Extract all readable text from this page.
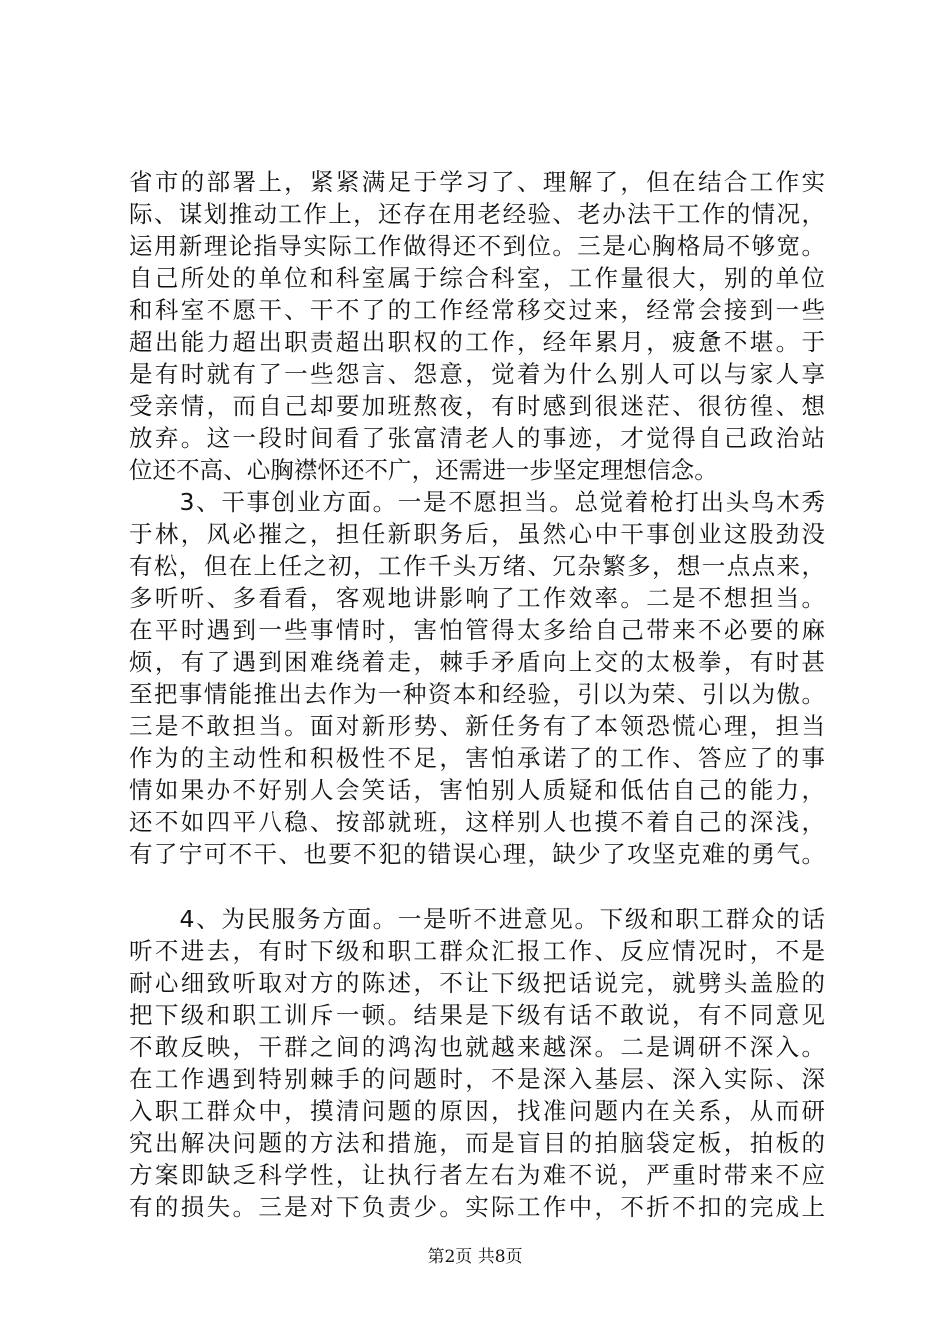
省市的部署上，紧紧满足于学习了、理解了，但在结合工作实
际、谋划推动工作上，还存在用老经验、老办法干工作的情况，
运用新理论指导实际工作做得还不到位。三是心胸格局不够宽。
自己所处的单位和科室属于综合科室，工作量很大，别的单位
和科室不愿干、干不了的工作经常移交过来，经常会接到一些
超出能力超出职责超出职权的工作，经年累月，疲惫不堪。于
是有时就有了一些怨言、怨意，觉着为什么别人可以与家人享
受亲情，而自己却要加班熬夜，有时感到很迷茫、很彷徨、想
放弃。这一段时间看了张富清老人的事迹，才觉得自己政治站
位还不高、心胸襟怀还不广，还需进一步坚定理想信念。
　　3、干事创业方面。一是不愿担当。总觉着枪打出头鸟木秀
于林，风必摧之，担任新职务后，虽然心中干事创业这股劲没
有松，但在上任之初，工作千头万绪、冗杂繁多，想一点点来，
多听听、多看看，客观地讲影响了工作效率。二是不想担当。
在平时遇到一些事情时，害怕管得太多给自己带来不必要的麻
烦，有了遇到困难绕着走，棘手矛盾向上交的太极拳，有时甚
至把事情能推出去作为一种资本和经验，引以为荣、引以为傲。
三是不敢担当。面对新形势、新任务有了本领恐慌心理，担当
作为的主动性和积极性不足，害怕承诺了的工作、答应了的事
情如果办不好别人会笑话，害怕别人质疑和低估自己的能力，
还不如四平八稳、按部就班，这样别人也摸不着自己的深浅，
有了宁可不干、也要不犯的错误心理，缺少了攻坚克难的勇气。
　　4、为民服务方面。一是听不进意见。下级和职工群众的话
听不进去，有时下级和职工群众汇报工作、反应情况时，不是
耐心细致听取对方的陈述，不让下级把话说完，就劈头盖脸的
把下级和职工训斥一顿。结果是下级有话不敢说，有不同意见
不敢反映，干群之间的鸿沟也就越来越深。二是调研不深入。
在工作遇到特别棘手的问题时，不是深入基层、深入实际、深
入职工群众中，摸清问题的原因，找准问题内在关系，从而研
究出解决问题的方法和措施，而是盲目的拍脑袋定板，拍板的
方案即缺乏科学性，让执行者左右为难不说，严重时带来不应
有的损失。三是对下负责少。实际工作中，不折不扣的完成上
第2页 共8页
